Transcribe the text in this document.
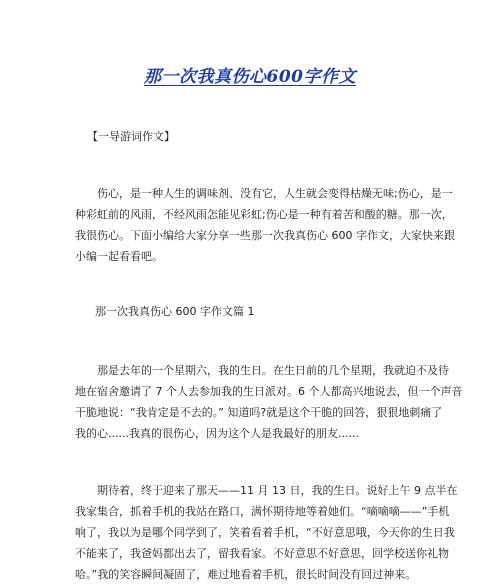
那一次我真伤心600字作文
【一导游词作文】
　　伤心，是一种人生的调味剂、没有它，人生就会变得枯燥无味;伤心，是一
种彩虹前的风雨，不经风雨怎能见彩虹;伤心是一种有着苦和酸的糖。那一次，
我很伤心。下面小编给大家分享一些那一次我真伤心 600 字作文，大家快来跟
小编一起看看吧。
那一次我真伤心 600 字作文篇 1
　　那是去年的一个星期六，我的生日。在生日前的几个星期，我就迫不及待
地在宿舍邀请了 7 个人去参加我的生日派对。6 个人都高兴地说去，但一个声音
干脆地说：“我肯定是不去的。” 知道吗?就是这个干脆的回答，狠狠地刺痛了
我的心......我真的很伤心，因为这个人是我最好的朋友......
　　期待着，终于迎来了那天——11 月 13 日，我的生日。说好上午 9 点半在
我家集合，抓着手机的我站在路口，满怀期待地等着她们。“嘀嘀嘀——”手机
响了，我以为是哪个同学到了，笑着看着手机，“不好意思哦，今天你的生日我
不能来了，我爸妈都出去了，留我看家。不好意思不好意思，回学校送你礼物
哈。”我的笑容瞬间凝固了，难过地看着手机，很长时间没有回过神来。
